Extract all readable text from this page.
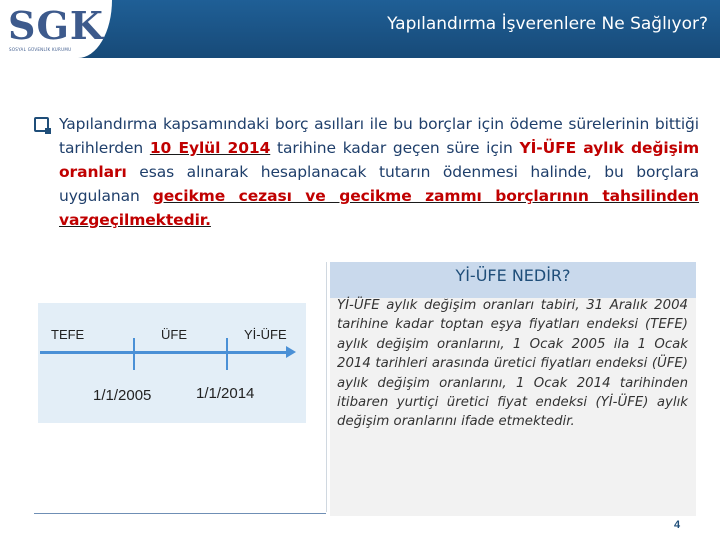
SGK
SOSYAL GÜVENLİK KURUMU
Yapılandırma İşverenlere Ne Sağlıyor?

Yapılandırma kapsamındaki borç asılları ile bu borçlar için ödeme sürelerinin bittiği tarihlerden 10 Eylül 2014 tarihine kadar geçen süre için Yİ-ÜFE aylık değişim oranları esas alınarak hesaplanacak tutarın ödenmesi halinde, bu borçlara uygulanan gecikme cezası ve gecikme zammı borçlarının tahsilinden vazgeçilmektedir.

TEFE	ÜFE	Yİ-ÜFE
1/1/2005	1/1/2014
Yİ-ÜFE NEDİR?
Yİ-ÜFE aylık değişim oranları tabiri, 31 Aralık 2004 tarihine kadar toptan eşya fiyatları endeksi (TEFE) aylık değişim oranlarını, 1 Ocak 2005 ila 1 Ocak 2014 tarihleri arasında üretici fiyatları endeksi (ÜFE) aylık değişim oranlarını, 1 Ocak 2014 tarihinden itibaren yurtiçi üretici fiyat endeksi (Yİ-ÜFE) aylık değişim oranlarını ifade etmektedir.
4
